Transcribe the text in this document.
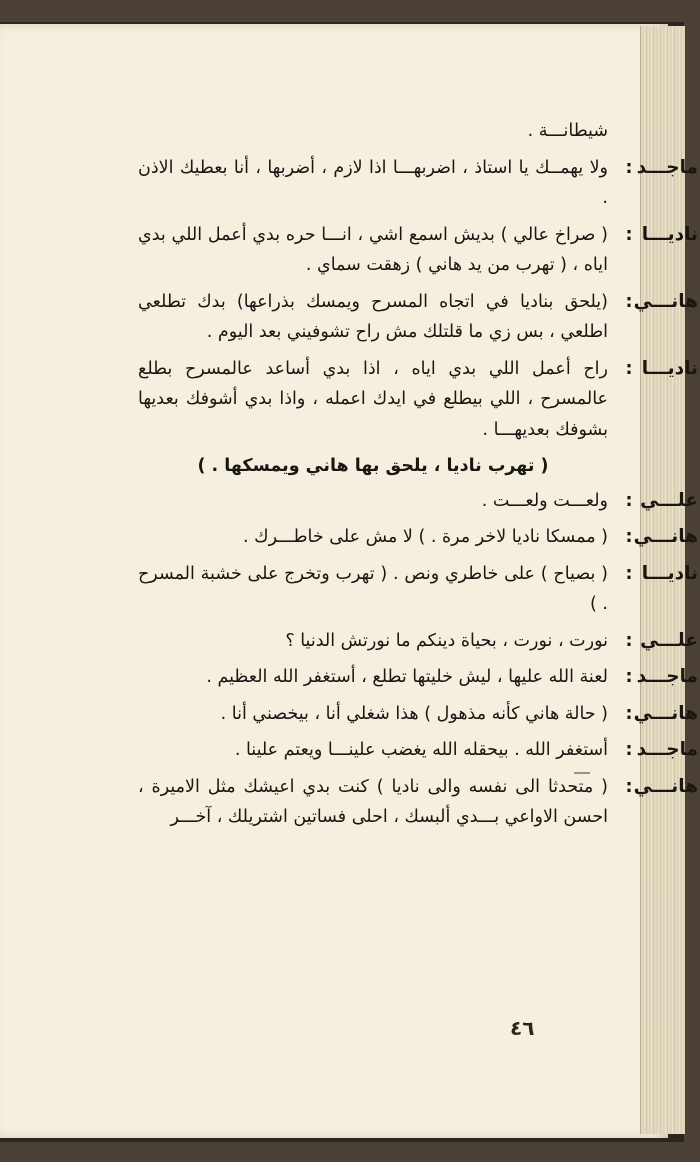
شيطانـــة .
ماجـــد
:
ولا يهمــك يا استاذ ، اضربهـــا اذا لازم ، أضربها ، أنا بعطيك الاذن .
ناديـــا
:
( صراخ عالي ) بديش اسمع اشي ، انـــا حره بدي أعمل اللي بدي اياه ، ( تهرب من يد هاني ) زهقت سماي .
هانـــي
:
(يلحق بناديا في اتجاه المسرح ويمسك بذراعها) بدك تطلعي اطلعي ، بس زي ما قلتلك مش راح تشوفيني بعد اليوم .
ناديـــا
:
راح أعمل اللي بدي اياه ، اذا بدي أساعد عالمسرح بطلع عالمسرح ، اللي بيطلع في ايدك اعمله ، واذا بدي أشوفك بعديها بشوفك بعديهـــا .
( تهرب ناديا ، يلحق بها هاني ويمسكها . )
علـــي
:
ولعـــت ولعـــت .
هانـــي
:
( ممسكا ناديا لاخر مرة . ) لا مش على خاطـــرك .
ناديـــا
:
( بصياح ) على خاطري ونص . ( تهرب وتخرج على خشبة المسرح . )
علـــي
:
نورت ، نورت ، بحياة دينكم ما نورتش الدنيا ؟
ماجـــد
:
لعنة الله عليها ، ليش خليتها تطلع ، أستغفر الله العظيم .
هانـــي
:
( حالة هاني كأنه مذهول ) هذا شغلي أنا ، بيخصني أنا .
ماجـــد
:
أستغفر الله . بيحقله الله يغضب علينـــا ويعتم علينا .
هانـــي
:
( متحدثا الى نفسه والى ناديا ) كنت بدي اعيشك مثل الاميرة ، احسن الاواعي بـــدي ألبسك ، احلى فساتين اشتريلك ، آخـــر
٤٦
